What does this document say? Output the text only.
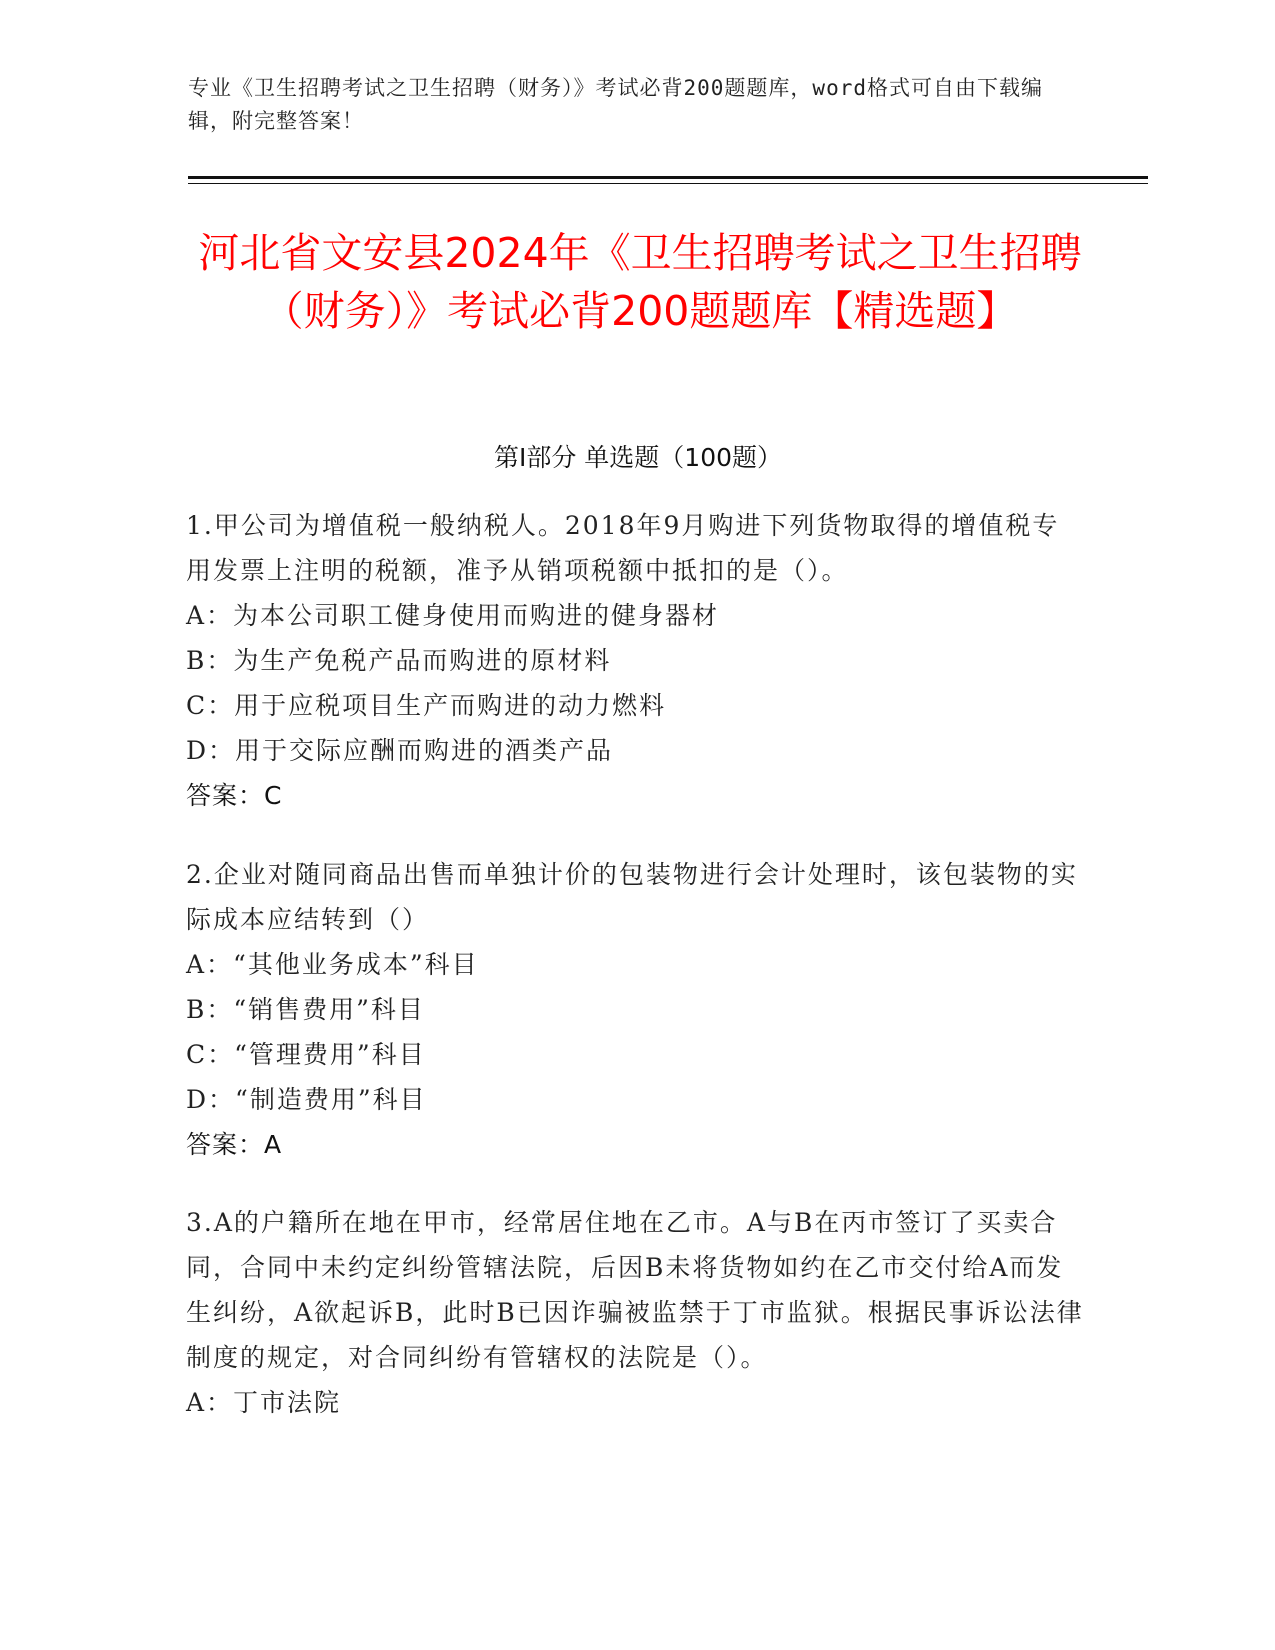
专业《卫生招聘考试之卫生招聘（财务）》考试必背200题题库，word格式可自由下载编辑，附完整答案！
河北省文安县2024年《卫生招聘考试之卫生招聘（财务）》考试必背200题题库【精选题】
第I部分 单选题（100题）
1.甲公司为增值税一般纳税人。2018年9月购进下列货物取得的增值税专用发票上注明的税额，准予从销项税额中抵扣的是（）。
A：为本公司职工健身使用而购进的健身器材
B：为生产免税产品而购进的原材料
C：用于应税项目生产而购进的动力燃料
D：用于交际应酬而购进的酒类产品
答案：C
2.企业对随同商品出售而单独计价的包装物进行会计处理时，该包装物的实际成本应结转到（）
A：“其他业务成本”科目
B：“销售费用”科目
C：“管理费用”科目
D：“制造费用”科目
答案：A
3.A的户籍所在地在甲市，经常居住地在乙市。A与B在丙市签订了买卖合同，合同中未约定纠纷管辖法院，后因B未将货物如约在乙市交付给A而发生纠纷，A欲起诉B，此时B已因诈骗被监禁于丁市监狱。根据民事诉讼法律制度的规定，对合同纠纷有管辖权的法院是（）。
A：丁市法院
